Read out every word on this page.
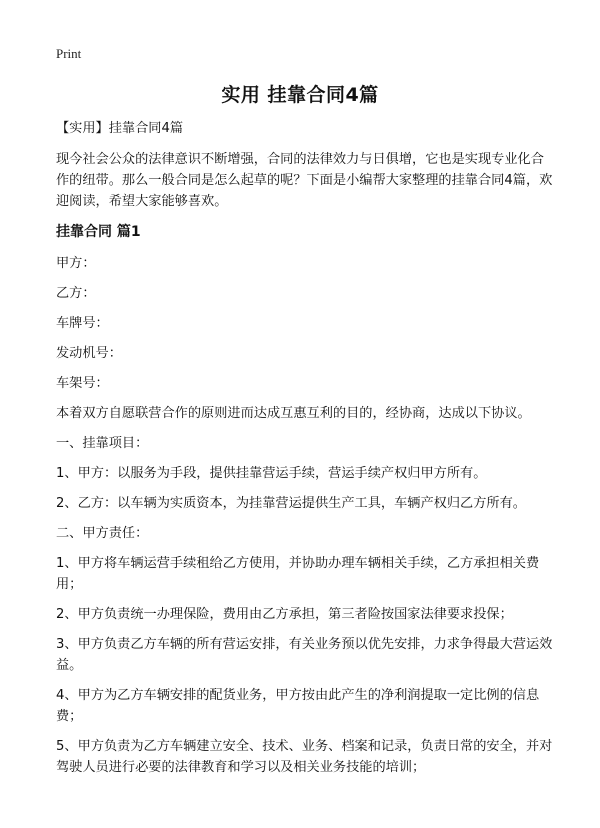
Print
实用 挂靠合同4篇

【实用】挂靠合同4篇

现今社会公众的法律意识不断增强，合同的法律效力与日俱增，它也是实现专业化合作的纽带。那么一般合同是怎么起草的呢？下面是小编帮大家整理的挂靠合同4篇，欢迎阅读，希望大家能够喜欢。

挂靠合同 篇1

甲方：

乙方：

车牌号：

发动机号：

车架号：

本着双方自愿联营合作的原则进而达成互惠互利的目的，经协商，达成以下协议。

一、挂靠项目：

1、甲方：以服务为手段，提供挂靠营运手续，营运手续产权归甲方所有。

2、乙方：以车辆为实质资本，为挂靠营运提供生产工具，车辆产权归乙方所有。

二、甲方责任：

1、甲方将车辆运营手续租给乙方使用，并协助办理车辆相关手续，乙方承担相关费用；

2、甲方负责统一办理保险，费用由乙方承担，第三者险按国家法律要求投保；

3、甲方负责乙方车辆的所有营运安排，有关业务预以优先安排，力求争得最大营运效益。

4、甲方为乙方车辆安排的配货业务，甲方按由此产生的净利润提取一定比例的信息费；

5、甲方负责为乙方车辆建立安全、技术、业务、档案和记录，负责日常的安全，并对驾驶人员进行必要的法律教育和学习以及相关业务技能的培训；
